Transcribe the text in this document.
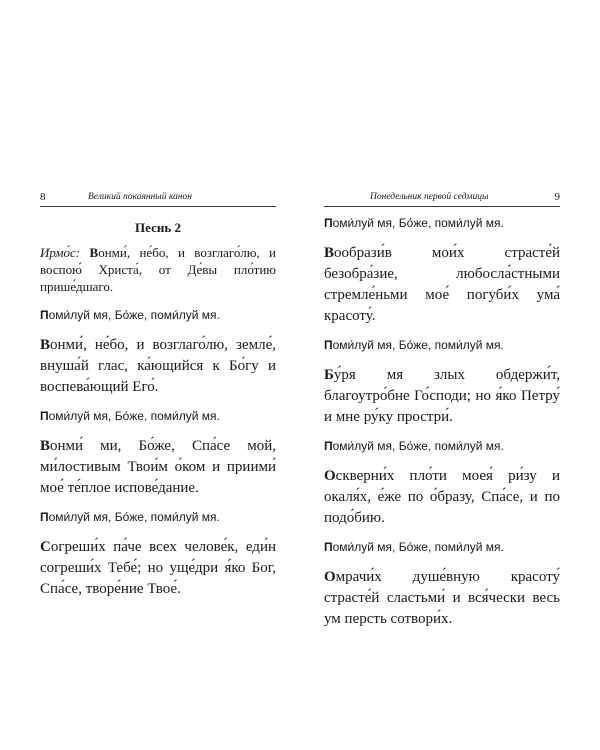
8	Великий покаянный канон
Песнь 2

Ирмо́с: Вонми́, не́бо, и возглаго́лю, и воспою́ Христа́, от Де́вы пло́тию прише́дшаго.

Поми́луй мя, Бо́же, поми́луй мя.

Вонми́, не́бо, и возглаго́лю, земле́, внуша́й глас, ка́ющийся к Бо́гу и воспева́ющий Его́.

Поми́луй мя, Бо́же, поми́луй мя.

Вонми́ ми, Бо́же, Спа́се мой, ми́лостивым Твои́м о́ком и приими́ мое́ те́плое испове́дание.

Поми́луй мя, Бо́же, поми́луй мя.

Согреши́х па́че всех челове́к, еди́н согреши́х Тебе́; но уще́дри я́ко Бог, Спа́се, творе́ние Твое́.

Понедельник первой седмицы	9

Поми́луй мя, Бо́же, поми́луй мя.

Вообрази́в мои́х страсте́й безобра́зие, любосла́стными стремле́ньми мое́ погуби́х ума́ красоту́.

Поми́луй мя, Бо́же, поми́луй мя.

Бу́ря мя злых обдержи́т, благоутро́бне Го́споди; но я́ко Петру́ и мне ру́ку простри́.

Поми́луй мя, Бо́же, поми́луй мя.

Оскверни́х пло́ти моея́ ри́зу и окаля́х, е́же по о́бразу, Спа́се, и по подо́бию.

Поми́луй мя, Бо́же, поми́луй мя.

Омрачи́х душе́вную красоту́ страсте́й сластьми́ и вся́чески весь ум персть сотвори́х.
